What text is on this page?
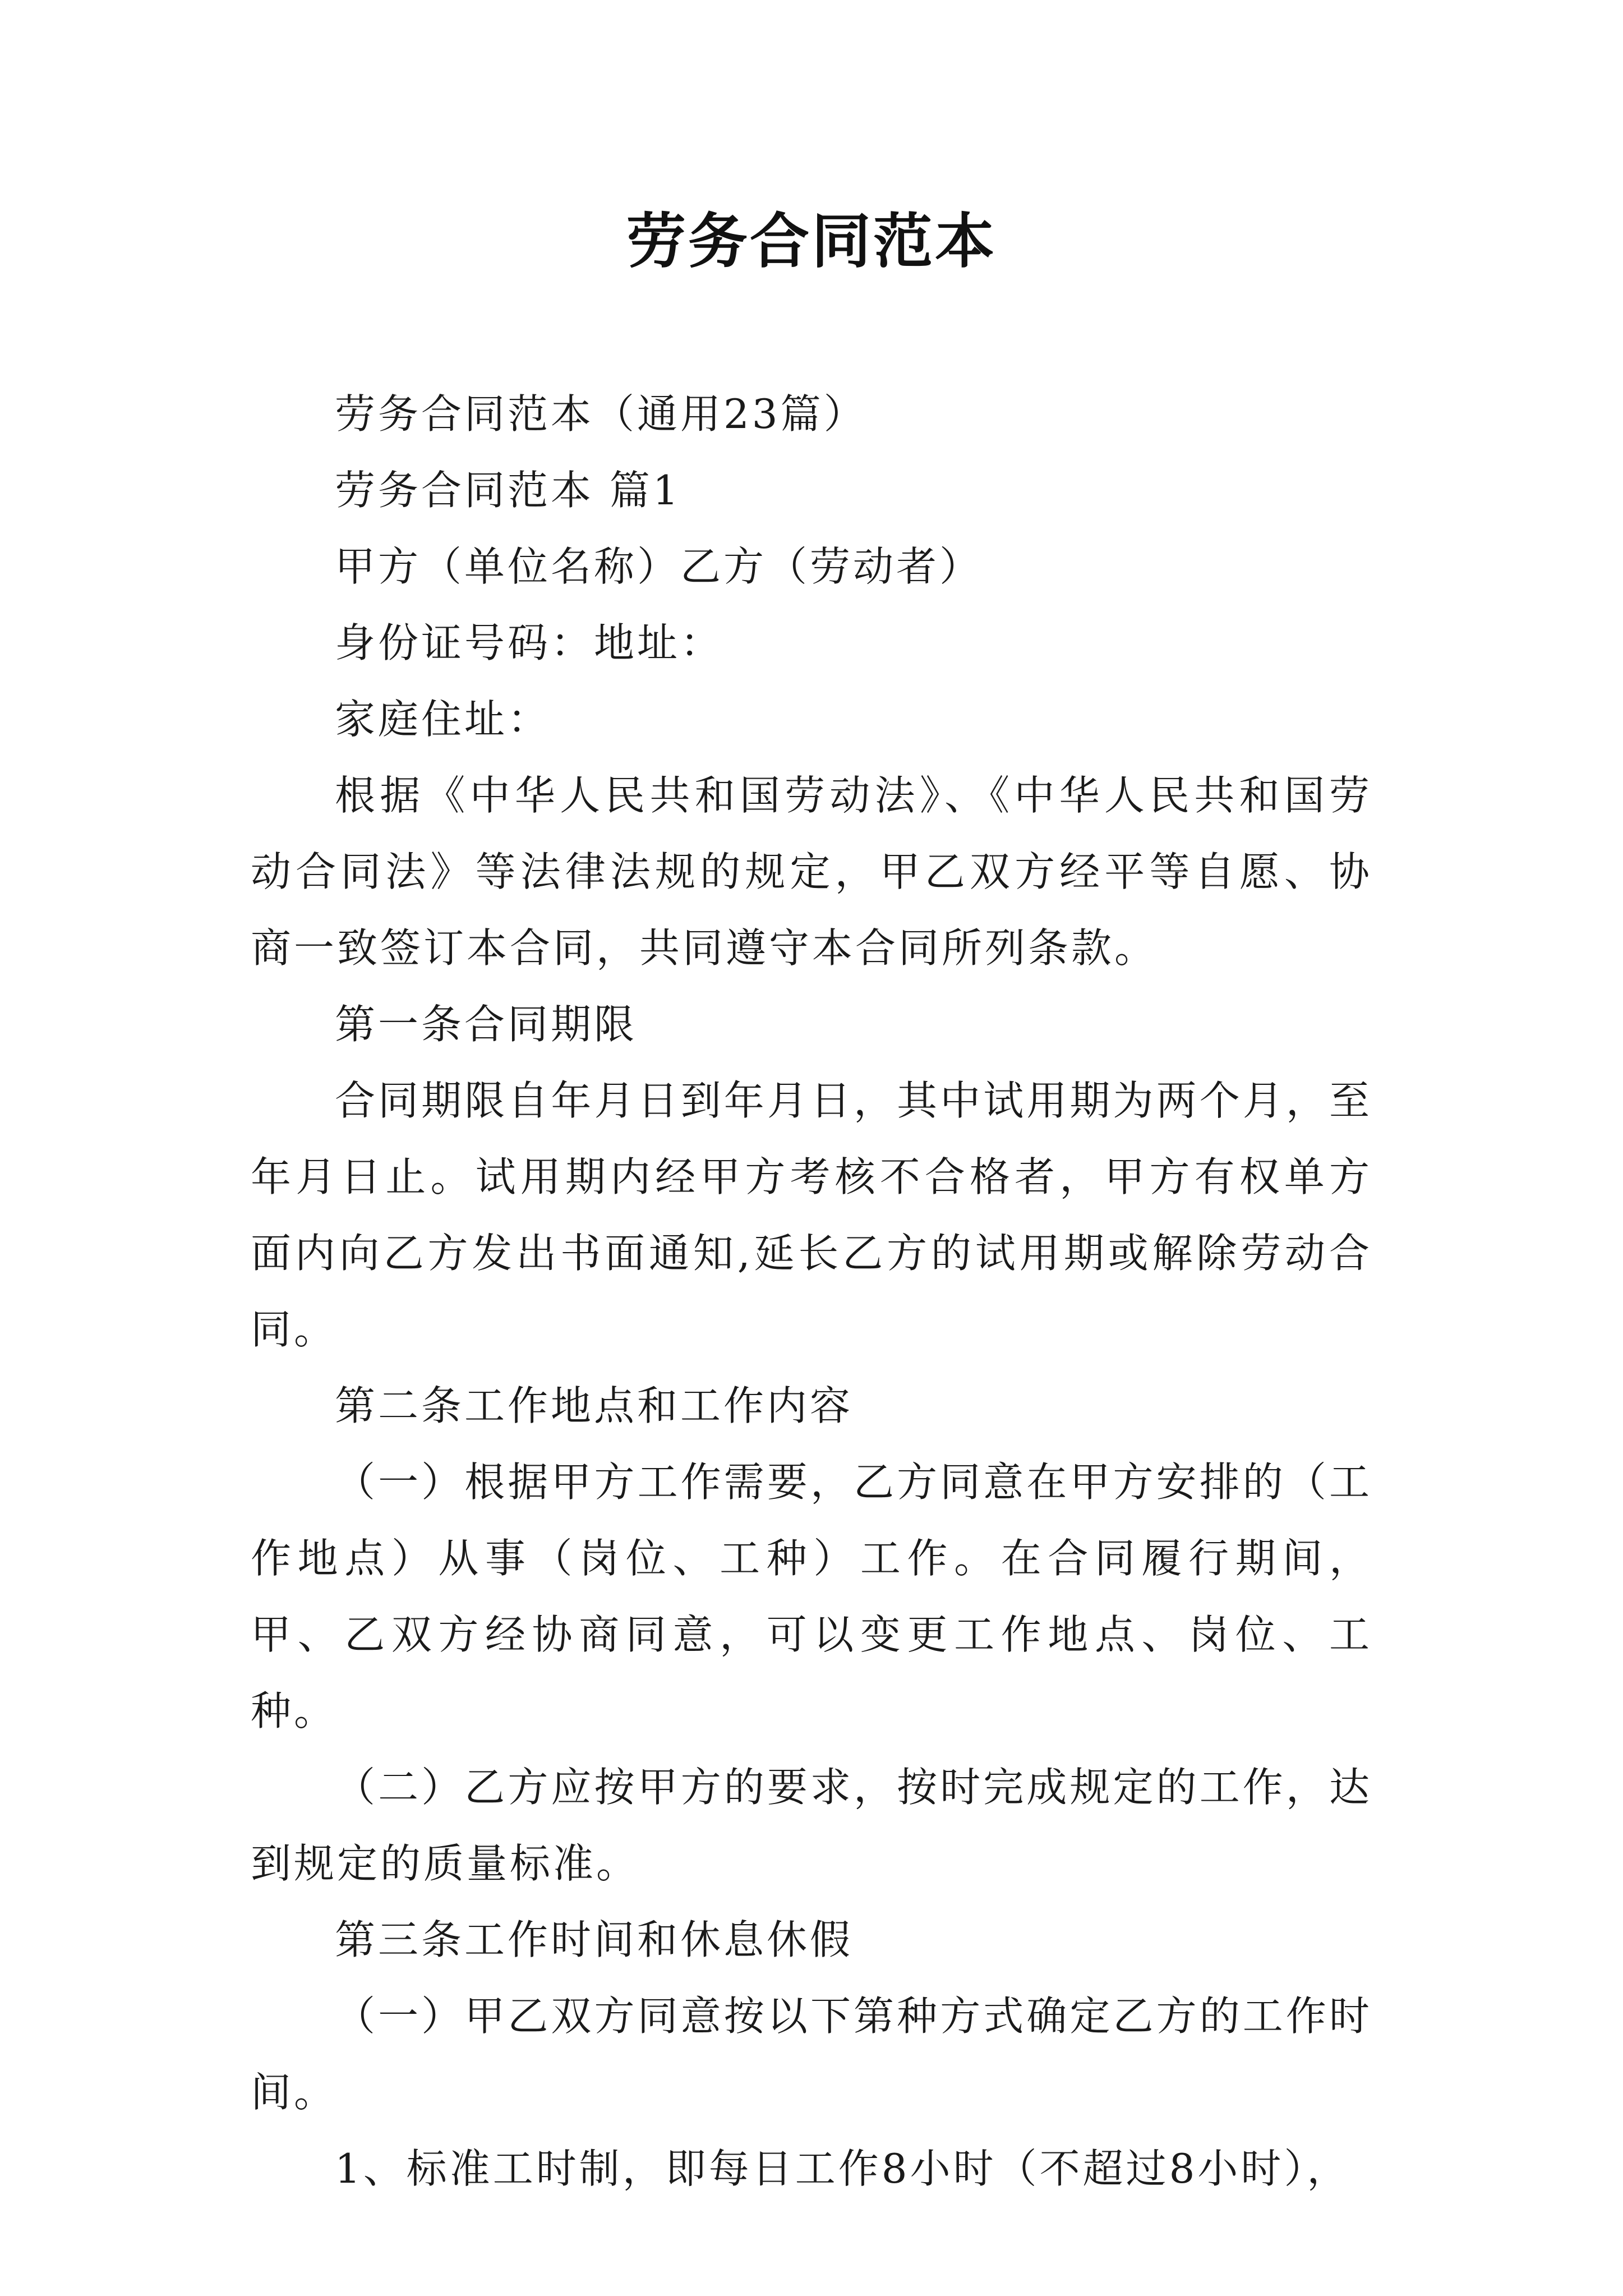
劳务合同范本

劳务合同范本（通用23篇）

劳务合同范本 篇1

甲方（单位名称）乙方（劳动者）

身份证号码：地址：

家庭住址：

根据《中华人民共和国劳动法》、《中华人民共和国劳动合同法》等法律法规的规定，甲乙双方经平等自愿、协商一致签订本合同，共同遵守本合同所列条款。

第一条合同期限

合同期限自年月日到年月日，其中试用期为两个月，至年月日止。试用期内经甲方考核不合格者，甲方有权单方面内向乙方发出书面通知,延长乙方的试用期或解除劳动合同。

第二条工作地点和工作内容

（一）根据甲方工作需要，乙方同意在甲方安排的（工作地点）从事（岗位、工种）工作。在合同履行期间，甲、乙双方经协商同意，可以变更工作地点、岗位、工种。

（二）乙方应按甲方的要求，按时完成规定的工作，达到规定的质量标准。

第三条工作时间和休息休假

（一）甲乙双方同意按以下第种方式确定乙方的工作时间。

1、标准工时制，即每日工作8小时（不超过8小时），
